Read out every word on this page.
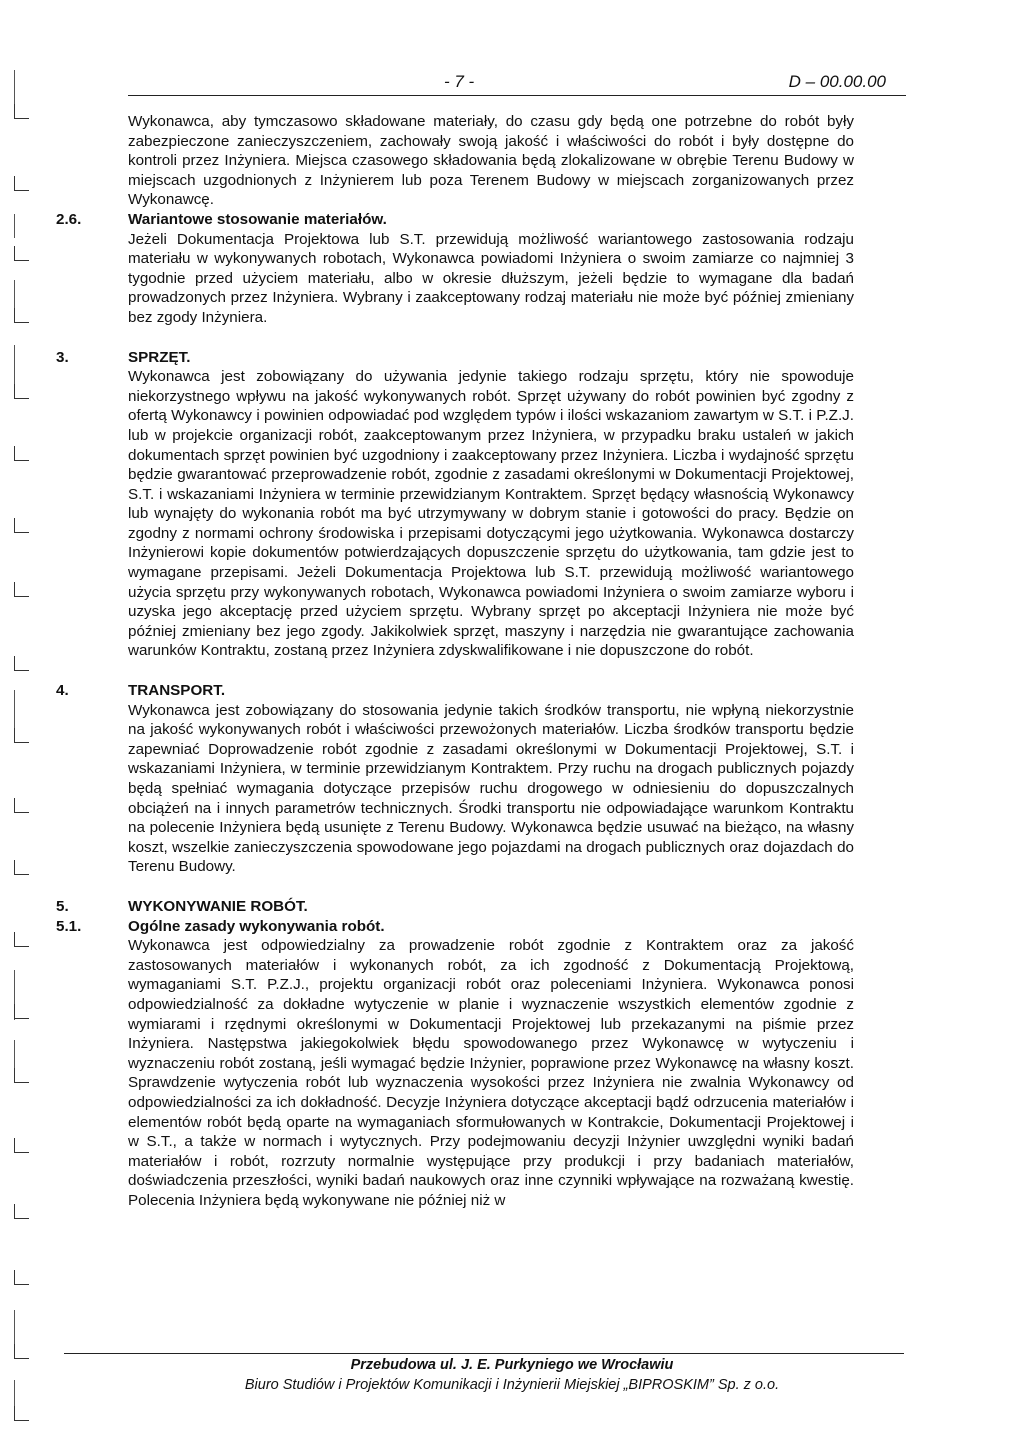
- 7 -	D – 00.00.00

Wykonawca, aby tymczasowo składowane materiały, do czasu gdy będą one potrzebne do robót były zabezpieczone zanieczyszczeniem, zachowały swoją jakość i właściwości do robót i były dostępne do kontroli przez Inżyniera. Miejsca czasowego składowania będą zlokalizowane w obrębie Terenu Budowy w miejscach uzgodnionych z Inżynierem lub poza Terenem Budowy w miejscach zorganizowanych przez Wykonawcę.

2.6.	Wariantowe stosowanie materiałów.

Jeżeli Dokumentacja Projektowa lub S.T. przewidują możliwość wariantowego zastosowania rodzaju materiału w wykonywanych robotach, Wykonawca powiadomi Inżyniera o swoim zamiarze co najmniej 3 tygodnie przed użyciem materiału, albo w okresie dłuższym, jeżeli będzie to wymagane dla badań prowadzonych przez Inżyniera. Wybrany i zaakceptowany rodzaj materiału nie może być później zmieniany bez zgody Inżyniera.

3.	SPRZĘT.

Wykonawca jest zobowiązany do używania jedynie takiego rodzaju sprzętu, który nie spowoduje niekorzystnego wpływu na jakość wykonywanych robót. Sprzęt używany do robót powinien być zgodny z ofertą Wykonawcy i powinien odpowiadać pod względem typów i ilości wskazaniom zawartym w S.T. i P.Z.J. lub w projekcie organizacji robót, zaakceptowanym przez Inżyniera, w przypadku braku ustaleń w jakich dokumentach sprzęt powinien być uzgodniony i zaakceptowany przez Inżyniera. Liczba i wydajność sprzętu będzie gwarantować przeprowadzenie robót, zgodnie z zasadami określonymi w Dokumentacji Projektowej, S.T. i wskazaniami Inżyniera w terminie przewidzianym Kontraktem. Sprzęt będący własnością Wykonawcy lub wynajęty do wykonania robót ma być utrzymywany w dobrym stanie i gotowości do pracy. Będzie on zgodny z normami ochrony środowiska i przepisami dotyczącymi jego użytkowania. Wykonawca dostarczy Inżynierowi kopie dokumentów potwierdzających dopuszczenie sprzętu do użytkowania, tam gdzie jest to wymagane przepisami. Jeżeli Dokumentacja Projektowa lub S.T. przewidują możliwość wariantowego użycia sprzętu przy wykonywanych robotach, Wykonawca powiadomi Inżyniera o swoim zamiarze wyboru i uzyska jego akceptację przed użyciem sprzętu. Wybrany sprzęt po akceptacji Inżyniera nie może być później zmieniany bez jego zgody. Jakikolwiek sprzęt, maszyny i narzędzia nie gwarantujące zachowania warunków Kontraktu, zostaną przez Inżyniera zdyskwalifikowane i nie dopuszczone do robót.

4.	TRANSPORT.

Wykonawca jest zobowiązany do stosowania jedynie takich środków transportu, nie wpłyną niekorzystnie na jakość wykonywanych robót i właściwości przewożonych materiałów. Liczba środków transportu będzie zapewniać Doprowadzenie robót zgodnie z zasadami określonymi w Dokumentacji Projektowej, S.T. i wskazaniami Inżyniera, w terminie przewidzianym Kontraktem. Przy ruchu na drogach publicznych pojazdy będą spełniać wymagania dotyczące przepisów ruchu drogowego w odniesieniu do dopuszczalnych obciążeń na i innych parametrów technicznych. Środki transportu nie odpowiadające warunkom Kontraktu na polecenie Inżyniera będą usunięte z Terenu Budowy. Wykonawca będzie usuwać na bieżąco, na własny koszt, wszelkie zanieczyszczenia spowodowane jego pojazdami na drogach publicznych oraz dojazdach do Terenu Budowy.

5.	WYKONYWANIE ROBÓT.

5.1.	Ogólne zasady wykonywania robót.

Wykonawca jest odpowiedzialny za prowadzenie robót zgodnie z Kontraktem oraz za jakość zastosowanych materiałów i wykonanych robót, za ich zgodność z Dokumentacją Projektową, wymaganiami S.T. P.Z.J., projektu organizacji robót oraz poleceniami Inżyniera. Wykonawca ponosi odpowiedzialność za dokładne wytyczenie w planie i wyznaczenie wszystkich elementów zgodnie z wymiarami i rzędnymi określonymi w Dokumentacji Projektowej lub przekazanymi na piśmie przez Inżyniera. Następstwa jakiegokolwiek błędu spowodowanego przez Wykonawcę w wytyczeniu i wyznaczeniu robót zostaną, jeśli wymagać będzie Inżynier, poprawione przez Wykonawcę na własny koszt. Sprawdzenie wytyczenia robót lub wyznaczenia wysokości przez Inżyniera nie zwalnia Wykonawcy od odpowiedzialności za ich dokładność. Decyzje Inżyniera dotyczące akceptacji bądź odrzucenia materiałów i elementów robót będą oparte na wymaganiach sformułowanych w Kontrakcie, Dokumentacji Projektowej i w S.T., a także w normach i wytycznych. Przy podejmowaniu decyzji Inżynier uwzględni wyniki badań materiałów i robót, rozrzuty normalnie występujące przy produkcji i przy badaniach materiałów, doświadczenia przeszłości, wyniki badań naukowych oraz inne czynniki wpływające na rozważaną kwestię. Polecenia Inżyniera będą wykonywane nie później niż w

Przebudowa ul. J. E. Purkyniego we Wrocławiu
Biuro Studiów i Projektów Komunikacji i Inżynierii Miejskiej „BIPROSKIM” Sp. z o.o.
